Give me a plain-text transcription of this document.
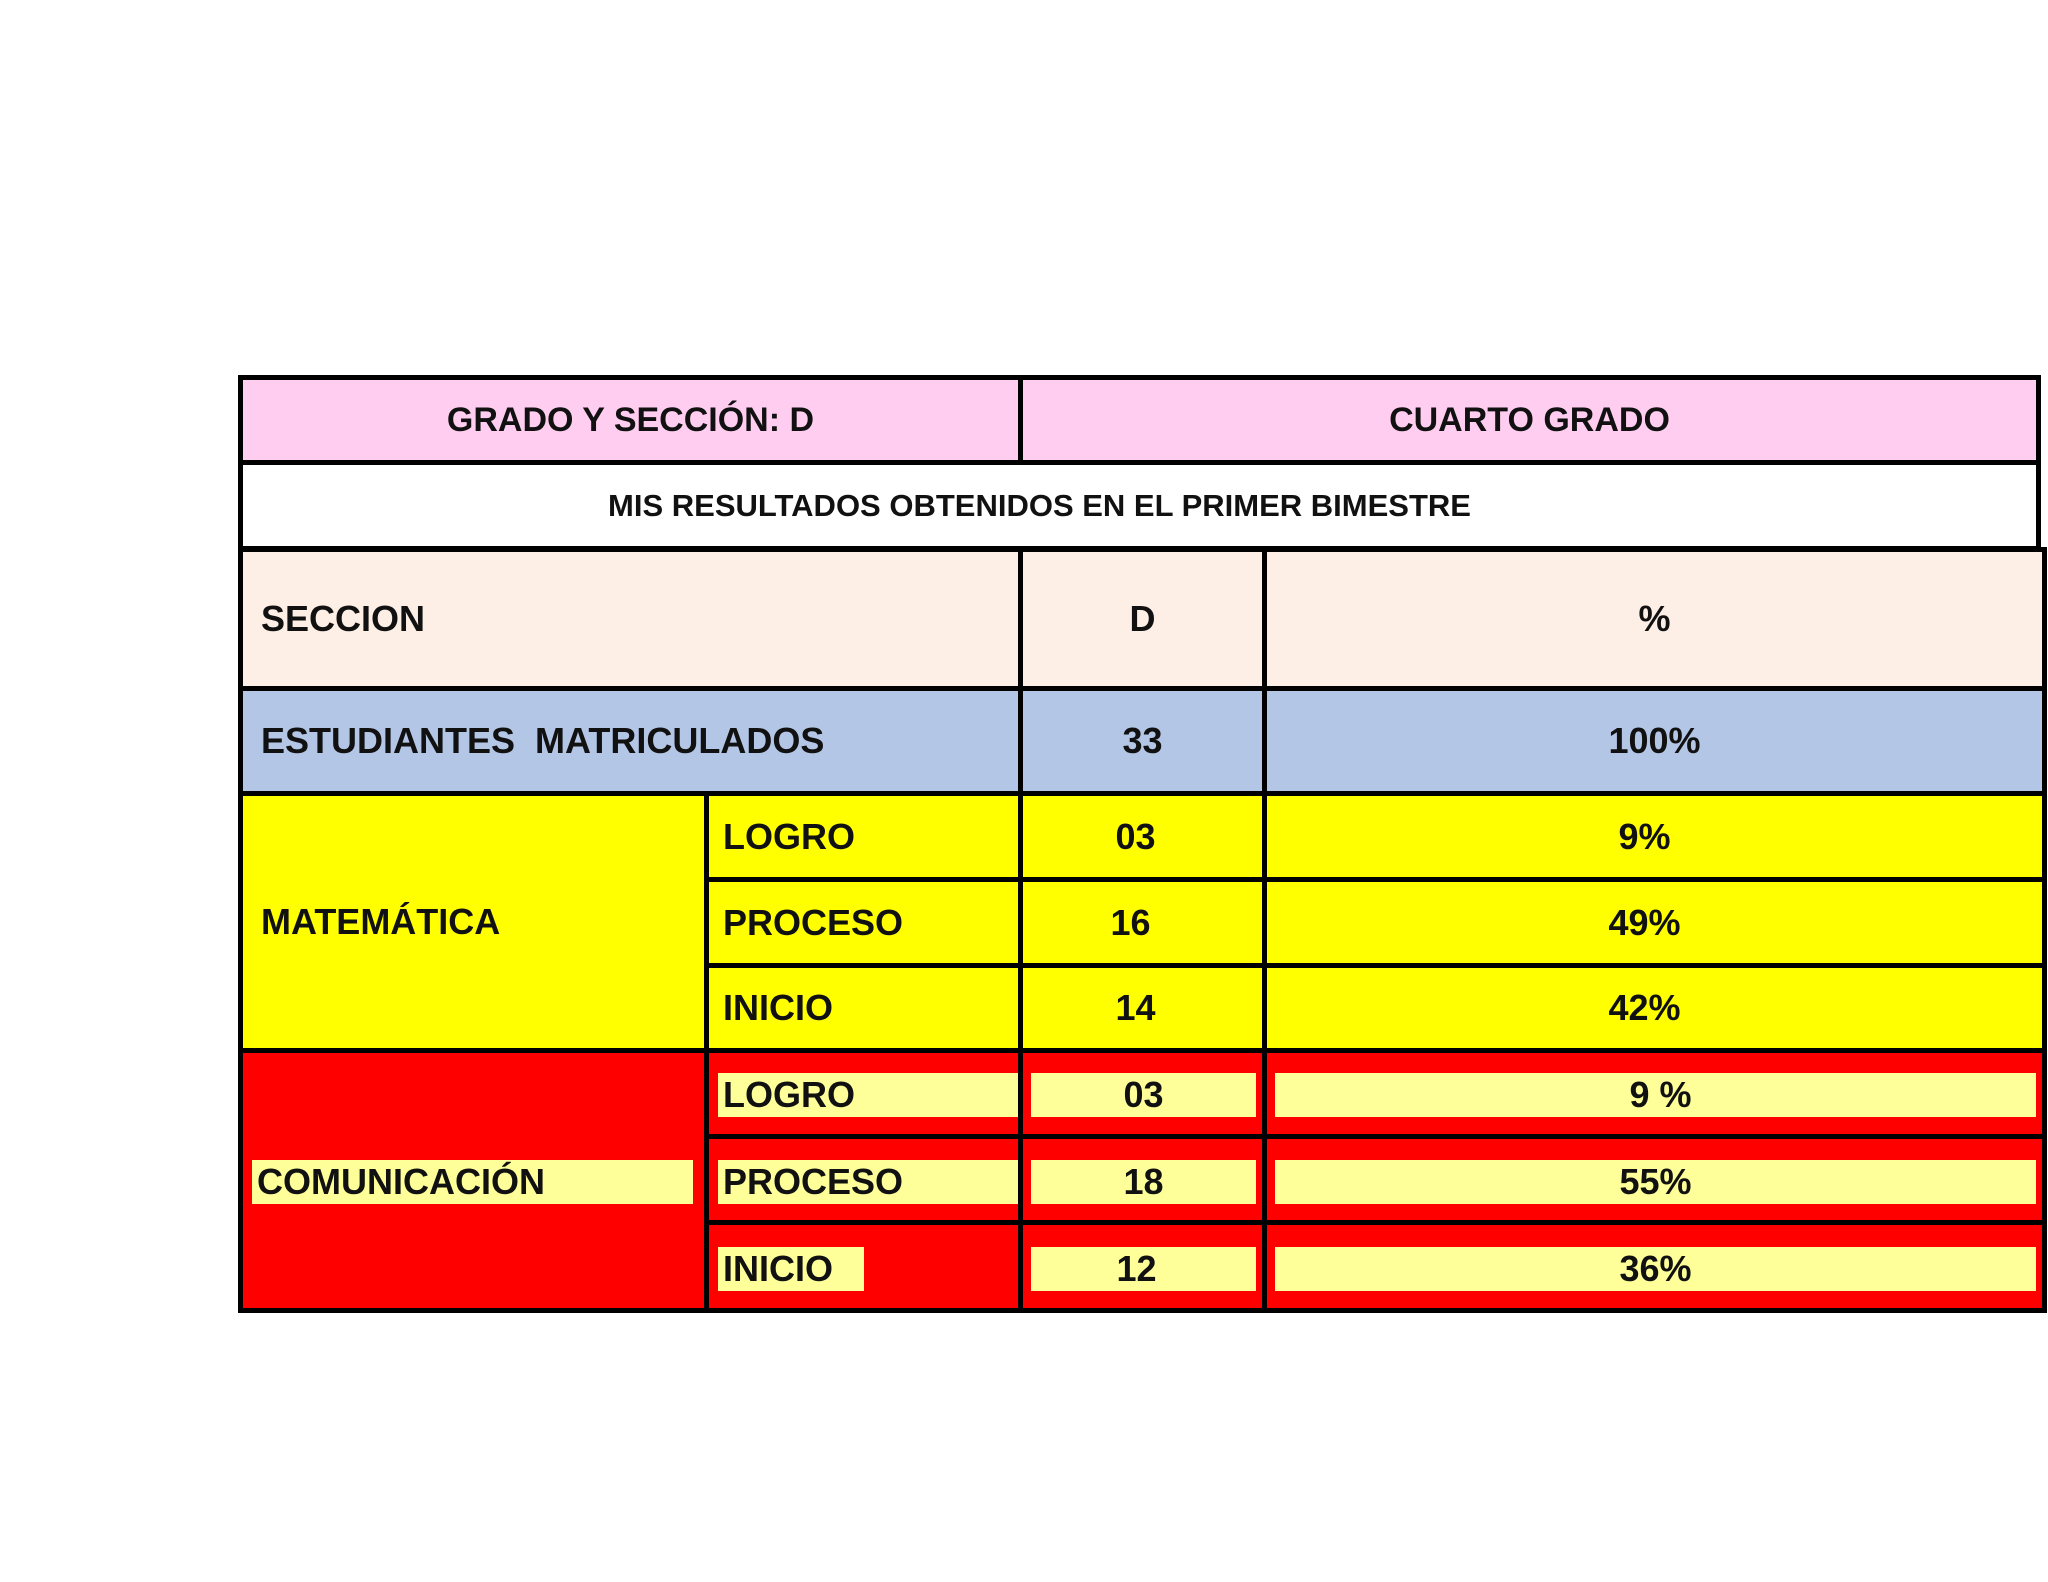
GRADO Y SECCIÓN: D	CUARTO GRADO
MIS RESULTADOS OBTENIDOS EN EL PRIMER BIMESTRE
SECCION	D	%
ESTUDIANTES  MATRICULADOS	33	100%
MATEMÁTICA
LOGRO	03	9%
PROCESO	16	49%
INICIO	14	42%
COMUNICACIÓN
LOGRO	03	9 %
PROCESO	18	55%
INICIO	12	36%
